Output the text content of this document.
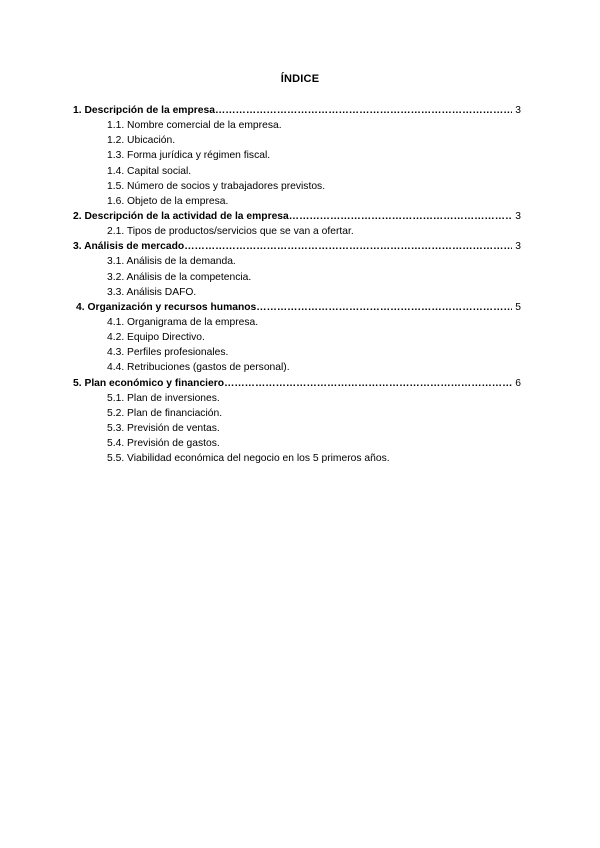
ÍNDICE
1. Descripción de la empresa ……………………………………………………………………………………………………………………………………	3
1.1. Nombre comercial de la empresa.
1.2. Ubicación.
1.3. Forma jurídica y régimen fiscal.
1.4. Capital social.
1.5. Número de socios y trabajadores previstos.
1.6. Objeto de la empresa.
2. Descripción de la actividad de la empresa ……………………………………………………………………………………………………………………………………	3
2.1. Tipos de productos/servicios que se van a ofertar.
3. Análisis de mercado ……………………………………………………………………………………………………………………………………	3
3.1. Análisis de la demanda.
3.2. Análisis de la competencia.
3.3. Análisis DAFO.
4. Organización y recursos humanos ……………………………………………………………………………………………………………………………………	5
4.1. Organigrama de la empresa.
4.2. Equipo Directivo.
4.3. Perfiles profesionales.
4.4. Retribuciones (gastos de personal).
5. Plan económico y financiero ……………………………………………………………………………………………………………………………………	6
5.1. Plan de inversiones.
5.2. Plan de financiación.
5.3. Previsión de ventas.
5.4. Previsión de gastos.
5.5. Viabilidad económica del negocio en los 5 primeros años.
